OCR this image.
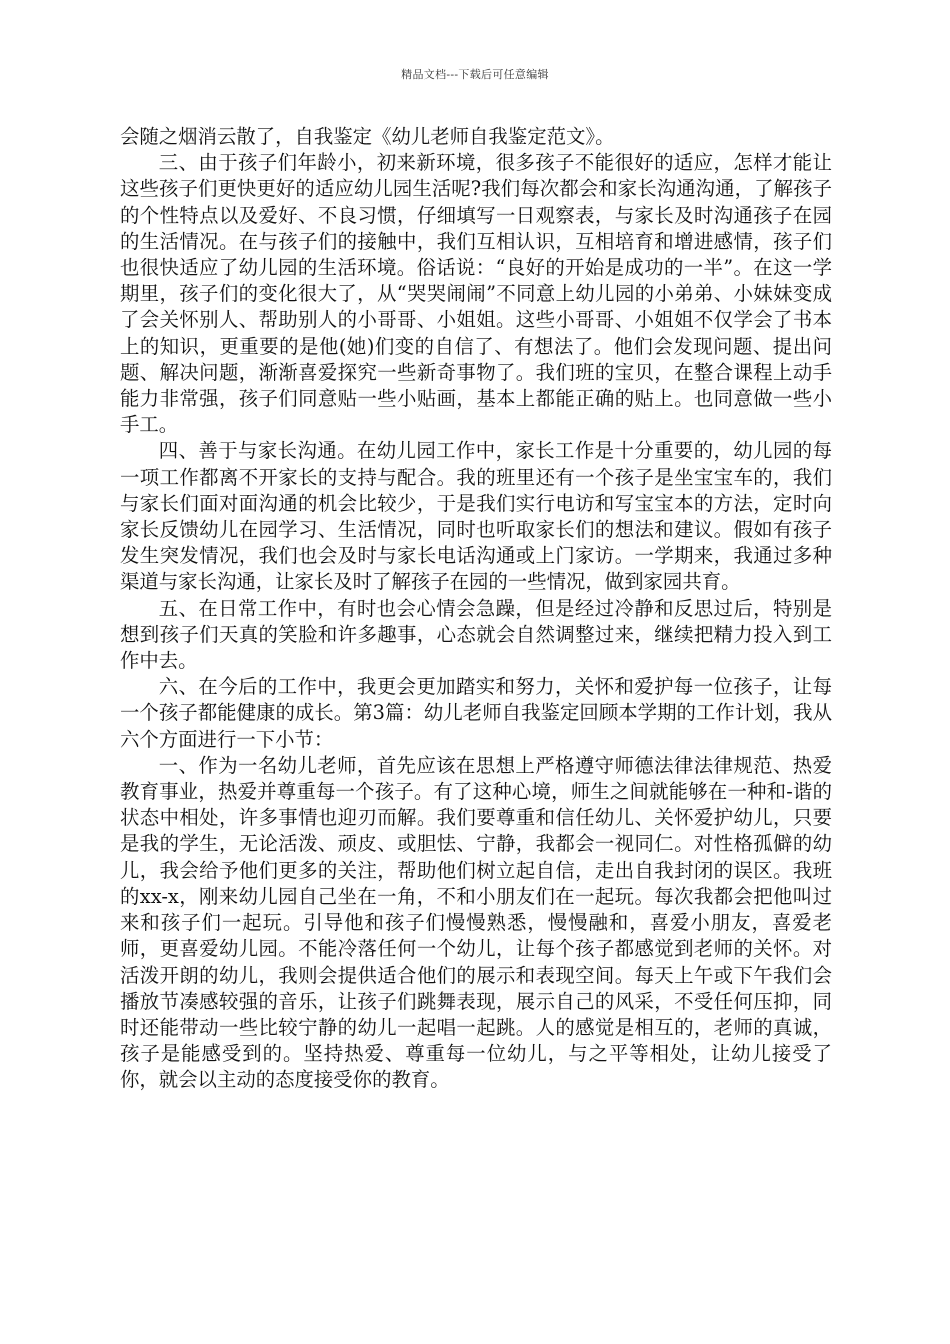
精品文档---下载后可任意编辑

会随之烟消云散了，自我鉴定《幼儿老师自我鉴定范文》。

三、由于孩子们年龄小，初来新环境，很多孩子不能很好的适应，怎样才能让这些孩子们更快更好的适应幼儿园生活呢?我们每次都会和家长沟通沟通，了解孩子的个性特点以及爱好、不良习惯，仔细填写一日观察表，与家长及时沟通孩子在园的生活情况。在与孩子们的接触中，我们互相认识，互相培育和增进感情，孩子们也很快适应了幼儿园的生活环境。俗话说：“良好的开始是成功的一半”。在这一学期里，孩子们的变化很大了，从“哭哭闹闹”不同意上幼儿园的小弟弟、小妹妹变成了会关怀别人、帮助别人的小哥哥、小姐姐。这些小哥哥、小姐姐不仅学会了书本上的知识，更重要的是他(她)们变的自信了、有想法了。他们会发现问题、提出问题、解决问题，渐渐喜爱探究一些新奇事物了。我们班的宝贝，在整合课程上动手能力非常强，孩子们同意贴一些小贴画，基本上都能正确的贴上。也同意做一些小手工。

四、善于与家长沟通。在幼儿园工作中，家长工作是十分重要的，幼儿园的每一项工作都离不开家长的支持与配合。我的班里还有一个孩子是坐宝宝车的，我们与家长们面对面沟通的机会比较少，于是我们实行电访和写宝宝本的方法，定时向家长反馈幼儿在园学习、生活情况，同时也听取家长们的想法和建议。假如有孩子发生突发情况，我们也会及时与家长电话沟通或上门家访。一学期来，我通过多种渠道与家长沟通，让家长及时了解孩子在园的一些情况，做到家园共育。

五、在日常工作中，有时也会心情会急躁，但是经过冷静和反思过后，特别是想到孩子们天真的笑脸和许多趣事，心态就会自然调整过来，继续把精力投入到工作中去。

六、在今后的工作中，我更会更加踏实和努力，关怀和爱护每一位孩子，让每一个孩子都能健康的成长。第3篇：幼儿老师自我鉴定回顾本学期的工作计划，我从六个方面进行一下小节：

一、作为一名幼儿老师，首先应该在思想上严格遵守师德法律法律规范、热爱教育事业，热爱并尊重每一个孩子。有了这种心境，师生之间就能够在一种和-谐的状态中相处，许多事情也迎刃而解。我们要尊重和信任幼儿、关怀爱护幼儿，只要是我的学生，无论活泼、顽皮、或胆怯、宁静，我都会一视同仁。对性格孤僻的幼儿，我会给予他们更多的关注，帮助他们树立起自信，走出自我封闭的误区。我班的xx-x，刚来幼儿园自己坐在一角，不和小朋友们在一起玩。每次我都会把他叫过来和孩子们一起玩。引导他和孩子们慢慢熟悉，慢慢融和，喜爱小朋友，喜爱老师，更喜爱幼儿园。不能冷落任何一个幼儿，让每个孩子都感觉到老师的关怀。对活泼开朗的幼儿，我则会提供适合他们的展示和表现空间。每天上午或下午我们会播放节凑感较强的音乐，让孩子们跳舞表现，展示自己的风采，不受任何压抑，同时还能带动一些比较宁静的幼儿一起唱一起跳。人的感觉是相互的，老师的真诚，孩子是能感受到的。坚持热爱、尊重每一位幼儿，与之平等相处，让幼儿接受了你，就会以主动的态度接受你的教育。
